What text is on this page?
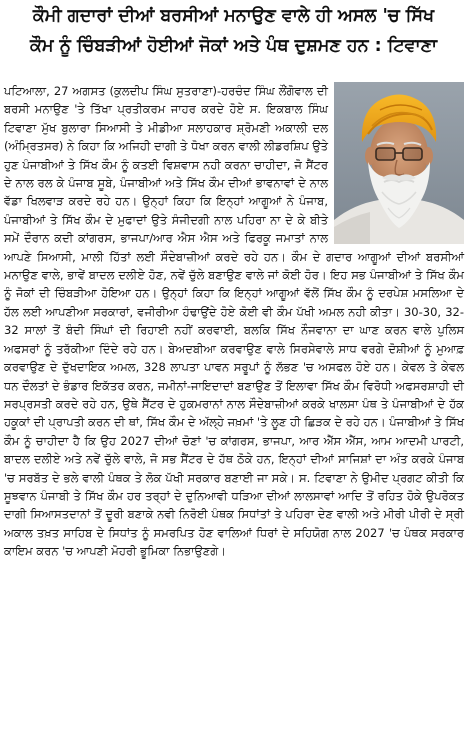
ਕੌਮੀ ਗਦਾਰਾਂ ਦੀਆਂ ਬਰਸੀਆਂ ਮਨਾਉਣ ਵਾਲੇ ਹੀ ਅਸਲ 'ਚ ਸਿੱਖ
ਕੌਮ ਨੂੰ ਚਿੰਬੜੀਆਂ ਹੋਈਆਂ ਜੋਕਾਂ ਅਤੇ ਪੰਥ ਦੁਸ਼ਮਣ ਹਨ : ਟਿਵਾਣਾ

ਪਟਿਆਲਾ, 27 ਅਗਸਤ (ਕੁਲਦੀਪ ਸਿੰਘ ਸੁਤਰਾਣਾ)-ਹਰਚੰਦ ਸਿੰਘ ਲੌਂਗੋਵਾਲ ਦੀ ਬਰਸੀ ਮਨਾਉਣ 'ਤੇ ਤਿੱਖਾ ਪ੍ਰਤੀਕਰਮ ਜਾਹਰ ਕਰਦੇ ਹੋਏ ਸ. ਇਕਬਾਲ ਸਿੰਘ ਟਿਵਾਣਾ ਮੁੱਖ ਬੁਲਾਰਾ ਸਿਆਸੀ ਤੇ ਮੀਡੀਆ ਸਲਾਹਕਾਰ ਸ਼੍ਰੋਮਣੀ ਅਕਾਲੀ ਦਲ (ਅੰਮ੍ਰਿਤਸਰ) ਨੇ ਕਿਹਾ ਕਿ ਅਜਿਹੀ ਦਾਗੀ ਤੇ ਧੋਖਾ ਕਰਨ ਵਾਲੀ ਲੀਡਰਸ਼ਿਪ ਉਤੇ ਹੁਣ ਪੰਜਾਬੀਆਂ ਤੇ ਸਿੱਖ ਕੌਮ ਨੂੰ ਕਤਈ ਵਿਸ਼ਵਾਸ ਨਹੀ ਕਰਨਾ ਚਾਹੀਦਾ, ਜੋ ਸੈਂਟਰ ਦੇ ਨਾਲ ਰਲ ਕੇ ਪੰਜਾਬ ਸੂਬੇ, ਪੰਜਾਬੀਆਂ ਅਤੇ ਸਿੱਖ ਕੌਮ ਦੀਆਂ ਭਾਵਨਾਵਾਂ ਦੇ ਨਾਲ ਵੱਡਾ ਖਿਲਵਾੜ ਕਰਦੇ ਰਹੇ ਹਨ। ਉਨ੍ਹਾਂ ਕਿਹਾ ਕਿ ਇਨ੍ਹਾਂ ਆਗੂਆਂ ਨੇ ਪੰਜਾਬ, ਪੰਜਾਬੀਆਂ ਤੇ ਸਿੱਖ ਕੌਮ ਦੇ ਮੁਫਾਦਾਂ ਉਤੇ ਸੰਜੀਦਗੀ ਨਾਲ ਪਹਿਰਾ ਨਾ ਦੇ ਕੇ ਬੀਤੇ ਸਮੇਂ ਦੌਰਾਨ ਕਦੀ ਕਾਂਗਰਸ, ਭਾਜਪਾ/ਆਰ ਐਸ ਐਸ ਅਤੇ ਫਿਰਕੂ ਜਮਾਤਾਂ ਨਾਲ ਆਪਣੇ ਸਿਆਸੀ, ਮਾਲੀ ਹਿੱਤਾਂ ਲਈ ਸੌਦੇਬਾਜ਼ੀਆਂ ਕਰਦੇ ਰਹੇ ਹਨ। ਕੌਮ ਦੇ ਗਦਾਰ ਆਗੂਆਂ ਦੀਆਂ ਬਰਸੀਆਂ ਮਨਾਉਣ ਵਾਲੇ, ਭਾਵੇਂ ਬਾਦਲ ਦਲੀਏ ਹੋਣ, ਨਵੇਂ ਚੁੱਲੇ ਬਣਾਉਣ ਵਾਲੇ ਜਾਂ ਕੋਈ ਹੋਰ। ਇਹ ਸਭ ਪੰਜਾਬੀਆਂ ਤੇ ਸਿੱਖ ਕੌਮ ਨੂੰ ਜੋਕਾਂ ਦੀ ਚਿੰਬੜੀਆ ਹੋਇਆ ਹਨ। ਉਨ੍ਹਾਂ ਕਿਹਾ ਕਿ ਇਨ੍ਹਾਂ ਆਗੂਆਂ ਵੱਲੋਂ ਸਿੱਖ ਕੌਮ ਨੂੰ ਦਰਪੇਸ਼ ਮਸਲਿਆ ਦੇ ਹੱਲ ਲਈ ਆਪਣੀਆ ਸਰਕਾਰਾਂ, ਵਜੀਰੀਆ ਹੰਢਾਉਂਦੇ ਹੋਏ ਕੋਈ ਵੀ ਕੌਮ ਪੱਖੀ ਅਮਲ ਨਹੀ ਕੀਤਾ। 30-30, 32-32 ਸਾਲਾਂ ਤੋਂ ਬੰਦੀ ਸਿੰਘਾਂ ਦੀ ਰਿਹਾਈ ਨਹੀਂ ਕਰਵਾਈ, ਬਲਕਿ ਸਿੱਖ ਨੌਜਵਾਨਾ ਦਾ ਘਾਣ ਕਰਨ ਵਾਲੇ ਪੁਲਿਸ ਅਫਸਰਾਂ ਨੂੰ ਤਰੱਕੀਆ ਦਿੰਦੇ ਰਹੇ ਹਨ। ਬੇਅਦਬੀਆ ਕਰਵਾਉਣ ਵਾਲੇ ਸਿਰਸੇਵਾਲੇ ਸਾਧ ਵਰਗੇ ਦੋਸ਼ੀਆਂ ਨੂੰ ਮੁਆਫ਼ ਕਰਵਾਉਣ ਦੇ ਦੁੱਖਦਾਇਕ ਅਮਲ, 328 ਲਾਪਤਾ ਪਾਵਨ ਸਰੂਪਾਂ ਨੂੰ ਲੱਭਣ 'ਚ ਅਸਫਲ ਹੋਏ ਹਨ। ਕੇਵਲ ਤੇ ਕੇਵਲ ਧਨ ਦੌਲਤਾਂ ਦੇ ਭੰਡਾਰ ਇਕੱਤਰ ਕਰਨ, ਜਮੀਨਾਂ-ਜਾਇਦਾਦਾਂ ਬਣਾਉਣ ਤੋਂ ਇਲਾਵਾ ਸਿੱਖ ਕੌਮ ਵਿਰੋਧੀ ਅਫਸਰਸ਼ਾਹੀ ਦੀ ਸਰਪ੍ਰਸਤੀ ਕਰਦੇ ਰਹੇ ਹਨ, ਉਥੇ ਸੈਂਟਰ ਦੇ ਹੁਕਮਰਾਨਾਂ ਨਾਲ ਸੌਦੇਬਾਜ਼ੀਆਂ ਕਰਕੇ ਖਾਲਸਾ ਪੰਥ ਤੇ ਪੰਜਾਬੀਆਂ ਦੇ ਹੱਕ ਹਕੂਕਾਂ ਦੀ ਪ੍ਰਾਪਤੀ ਕਰਨ ਦੀ ਥਾਂ, ਸਿੱਖ ਕੌਮ ਦੇ ਅੱਲ੍ਹੇ ਜਖ਼ਮਾਂ 'ਤੇ ਲੂਣ ਹੀ ਛਿੜਕ ਦੇ ਰਹੇ ਹਨ। ਪੰਜਾਬੀਆਂ ਤੇ ਸਿੱਖ ਕੌਮ ਨੂੰ ਚਾਹੀਦਾ ਹੈ ਕਿ ਉਹ 2027 ਦੀਆਂ ਚੋਣਾਂ 'ਚ ਕਾਂਗਰਸ, ਭਾਜਪਾ, ਆਰ ਐੱਸ ਐੱਸ, ਆਮ ਆਦਮੀ ਪਾਰਟੀ, ਬਾਦਲ ਦਲੀਏ ਅਤੇ ਨਵੇਂ ਚੁੱਲੇ ਵਾਲੇ, ਜੋ ਸਭ ਸੈਂਟਰ ਦੇ ਹੱਥ ਠੋਕੇ ਹਨ, ਇਨ੍ਹਾਂ ਦੀਆਂ ਸਾਜਿਸ਼ਾਂ ਦਾ ਅੰਤ ਕਰਕੇ ਪੰਜਾਬ 'ਚ ਸਰਬੱਤ ਦੇ ਭਲੇ ਵਾਲੀ ਪੰਥਕ ਤੇ ਲੋਕ ਪੱਖੀ ਸਰਕਾਰ ਬਣਾਈ ਜਾ ਸਕੇ। ਸ. ਟਿਵਾਣਾ ਨੇ ਉਮੀਦ ਪ੍ਰਗਟ ਕੀਤੀ ਕਿ ਸੂਝਵਾਨ ਪੰਜਾਬੀ ਤੇ ਸਿੱਖ ਕੌਮ ਹਰ ਤਰ੍ਹਾਂ ਦੇ ਦੁਨਿਆਵੀ ਧੜਿਆ ਦੀਆਂ ਲਾਲਸਾਵਾਂ ਆਦਿ ਤੋਂ ਰਹਿਤ ਹੋਕੇ ਉਪਰੋਕਤ ਦਾਗੀ ਸਿਆਸਤਦਾਨਾਂ ਤੋਂ ਦੂਰੀ ਬਣਾਕੇ ਨਵੀ ਨਿਰੋਈ ਪੰਥਕ ਸਿਧਾਂਤਾਂ ਤੇ ਪਹਿਰਾ ਦੇਣ ਵਾਲੀ ਅਤੇ ਮੀਰੀ ਪੀਰੀ ਦੇ ਸ੍ਰੀ ਅਕਾਲ ਤਖ਼ਤ ਸਾਹਿਬ ਦੇ ਸਿਧਾਂਤ ਨੂੰ ਸਮਰਪਿਤ ਹੋਣ ਵਾਲਿਆਂ ਧਿਰਾਂ ਦੇ ਸਹਿਯੋਗ ਨਾਲ 2027 'ਚ ਪੰਥਕ ਸਰਕਾਰ ਕਾਇਮ ਕਰਨ 'ਚ ਆਪਣੀ ਮੋਹਰੀ ਭੂਮਿਕਾ ਨਿਭਾਉਣਗੇ।
